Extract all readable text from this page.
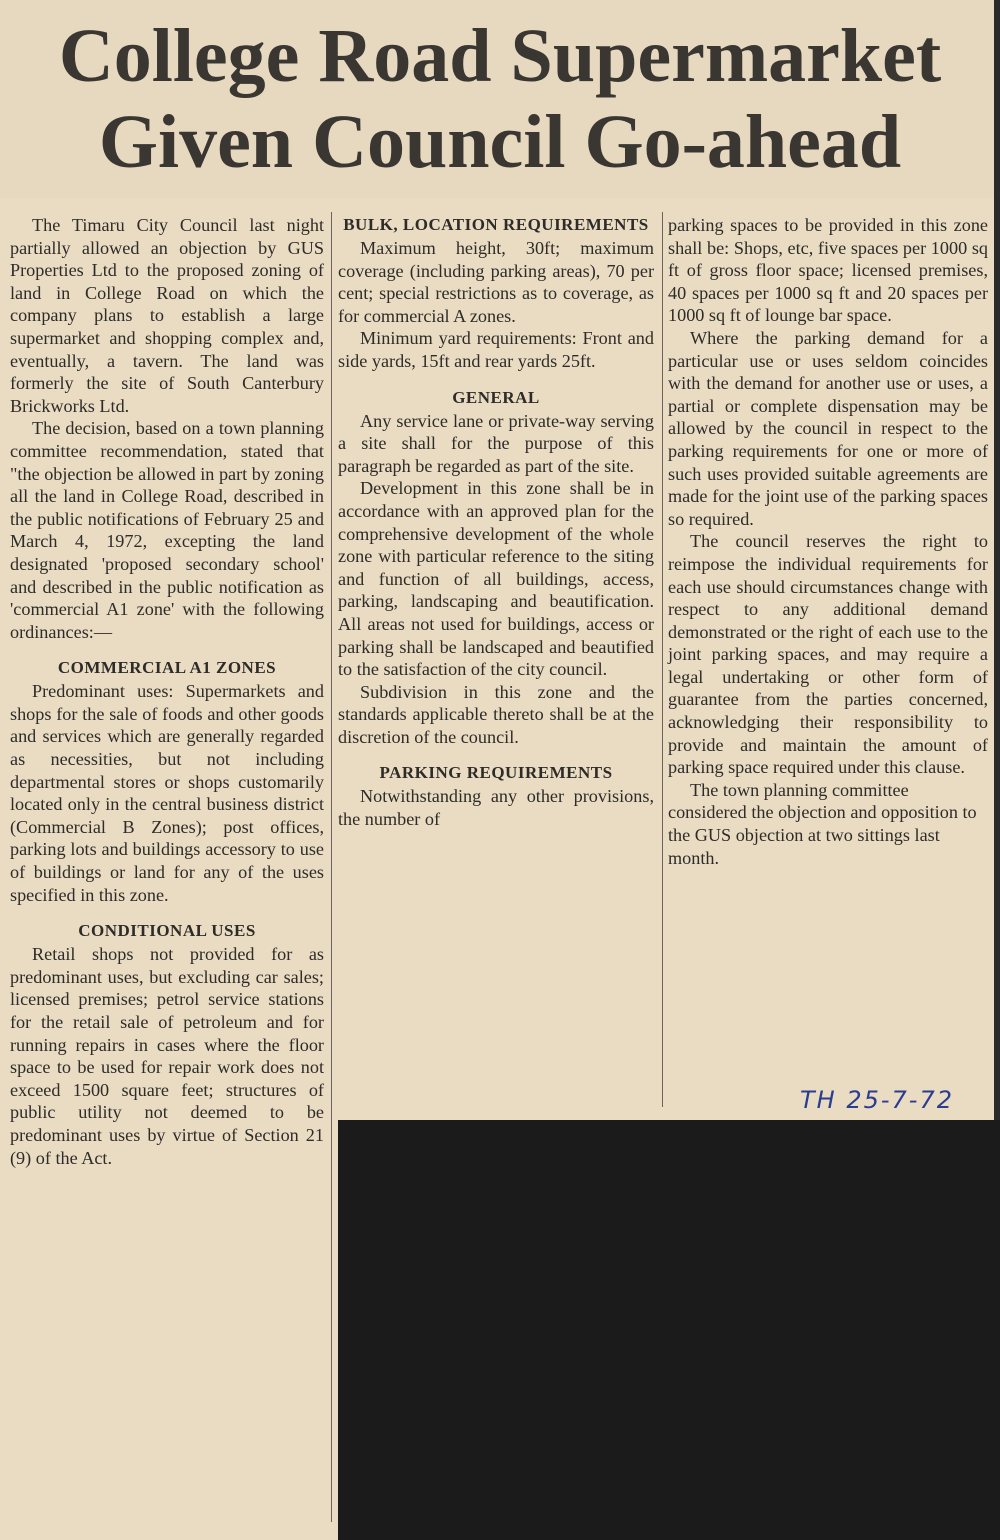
College Road Supermarket
Given Council Go-ahead

The Timaru City Council last night partially allowed an objection by GUS Properties Ltd to the proposed zoning of land in College Road on which the company plans to establish a large supermarket and shopping complex and, eventually, a tavern. The land was formerly the site of South Canterbury Brickworks Ltd.

The decision, based on a town planning committee recommendation, stated that "the objection be allowed in part by zoning all the land in College Road, described in the public notifications of February 25 and March 4, 1972, excepting the land designated 'proposed secondary school' and described in the public notification as 'commercial A1 zone' with the following ordinances:—

COMMERCIAL A1 ZONES

Predominant uses: Supermarkets and shops for the sale of foods and other goods and services which are generally regarded as necessities, but not including departmental stores or shops customarily located only in the central business district (Commercial B Zones); post offices, parking lots and buildings accessory to use of buildings or land for any of the uses specified in this zone.

CONDITIONAL USES

Retail shops not provided for as predominant uses, but excluding car sales; licensed premises; petrol service stations for the retail sale of petroleum and for running repairs in cases where the floor space to be used for repair work does not exceed 1500 square feet; structures of public utility not deemed to be predominant uses by virtue of Section 21 (9) of the Act.

BULK, LOCATION REQUIREMENTS

Maximum height, 30ft; maximum coverage (including parking areas), 70 per cent; special restrictions as to coverage, as for commercial A zones.

Minimum yard requirements: Front and side yards, 15ft and rear yards 25ft.

GENERAL

Any service lane or private-way serving a site shall for the purpose of this paragraph be regarded as part of the site.

Development in this zone shall be in accordance with an approved plan for the comprehensive development of the whole zone with particular reference to the siting and function of all buildings, access, parking, landscaping and beautification. All areas not used for buildings, access or parking shall be landscaped and beautified to the satisfaction of the city council.

Subdivision in this zone and the standards applicable thereto shall be at the discretion of the council.

PARKING REQUIREMENTS

Notwithstanding any other provisions, the number of

parking spaces to be provided in this zone shall be: Shops, etc, five spaces per 1000 sq ft of gross floor space; licensed premises, 40 spaces per 1000 sq ft and 20 spaces per 1000 sq ft of lounge bar space.

Where the parking demand for a particular use or uses seldom coincides with the demand for another use or uses, a partial or complete dispensation may be allowed by the council in respect to the parking requirements for one or more of such uses provided suitable agreements are made for the joint use of the parking spaces so required.

The council reserves the right to reimpose the individual requirements for each use should circumstances change with respect to any additional demand demonstrated or the right of each use to the joint parking spaces, and may require a legal undertaking or other form of guarantee from the parties concerned, acknowledging their responsibility to provide and maintain the amount of parking space required under this clause.

The town planning committee considered the objection and opposition to the GUS objection at two sittings last month.

TH 25-7-72
